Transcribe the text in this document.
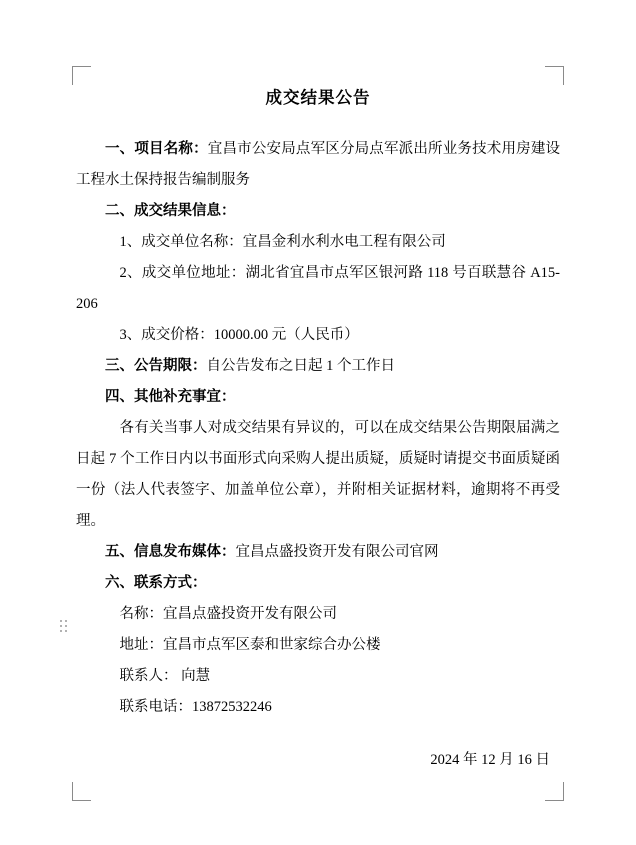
成交结果公告

一、项目名称：宜昌市公安局点军区分局点军派出所业务技术用房建设工程水土保持报告编制服务

二、成交结果信息：

1、成交单位名称：宜昌金利水利水电工程有限公司

2、成交单位地址：湖北省宜昌市点军区银河路 118 号百联慧谷 A15-206

3、成交价格：10000.00 元（人民币）

三、公告期限：自公告发布之日起 1 个工作日

四、其他补充事宜：

各有关当事人对成交结果有异议的，可以在成交结果公告期限届满之日起 7 个工作日内以书面形式向采购人提出质疑，质疑时请提交书面质疑函一份（法人代表签字、加盖单位公章），并附相关证据材料，逾期将不再受理。

五、信息发布媒体：宜昌点盛投资开发有限公司官网

六、联系方式：

名称：宜昌点盛投资开发有限公司

地址：宜昌市点军区泰和世家综合办公楼

联系人： 向慧

联系电话：13872532246

2024 年 12 月 16 日
